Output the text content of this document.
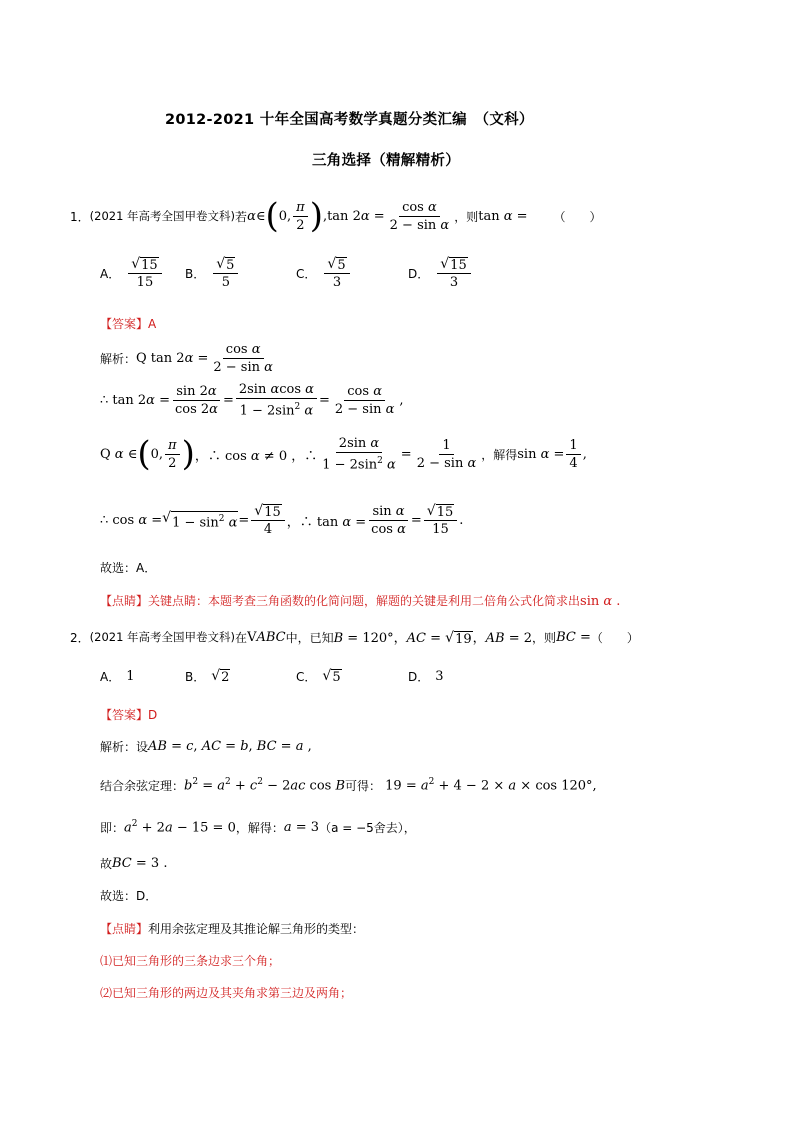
2012-2021 十年全国高考数学真题分类汇编　（文科）
三角选择（精解精析）
1． (2021 年高考全国甲卷文科) 若 α∈ ( 0, $\frac{\pi}{2}$ ) ,tan $2\alpha = \frac{\text{cos α}}{\text{2 − sin α}}$ ，则 tan α = （　　）
A． $\frac{√ 15}{15}$ B． $\frac{√ 5}{5}$	C． $\frac{√ 5}{3}$	D． $\frac{√ 15}{3}$
【答案】A
解析： Q $\tan 2\alpha = \frac{\text{cos α}}{\text{2 − sin α}}$
∴ $\tan 2\alpha = \frac{\sin 2\alpha}{\cos 2\alpha} = \frac{\text{2sin αcos α}}{1 - 2\sin^2 \alpha} = \frac{\text{cos α}}{\text{2 − sin α}}$ ,
Q α ∈ ( 0, $\frac{\pi}{2}$ ) ，∴ cos α ≠ 0 ，∴ $\frac{\text{2sin α}}{1 - 2\sin^2 \alpha} = \frac{1}{\text{2 − sin α}}$ ，解得 $\sin \alpha = \frac{1}{4}$ ,
∴ cos α = √ $1 - \sin^2 \alpha = \frac{√ 15}{4}$ ，∴ $\tan \alpha = \frac{\text{sin α}}{\text{cos α}} = \frac{√ 15}{15}$ .
故选：A．
【点睛】关键点睛：本题考查三角函数的化简问题，解题的关键是利用二倍角公式化简求出sin α .
2． (2021 年高考全国甲卷文科) 在 VABC 中，已知 B = 120°，AC = √ 19 ，AB = 2 ，则 BC = （　　）
A． 1	B． √ 2	C． √ 5	D． 3
【答案】D
解析：设 AB = c, AC = b, BC = a ,
结合余弦定理： $b^2 = a^2 + c^2 - 2ac$ cos B 可得： $19 = a^2 + 4 - 2 \times a \times \cos 120^\circ$,
即： $a^2 + 2a - 15 = 0$ ，解得： a = 3 （a = −5舍去），
故 BC = 3 .
故选：D．
【点睛】利用余弦定理及其推论解三角形的类型：
⑴已知三角形的三条边求三个角；
⑵已知三角形的两边及其夹角求第三边及两角；
